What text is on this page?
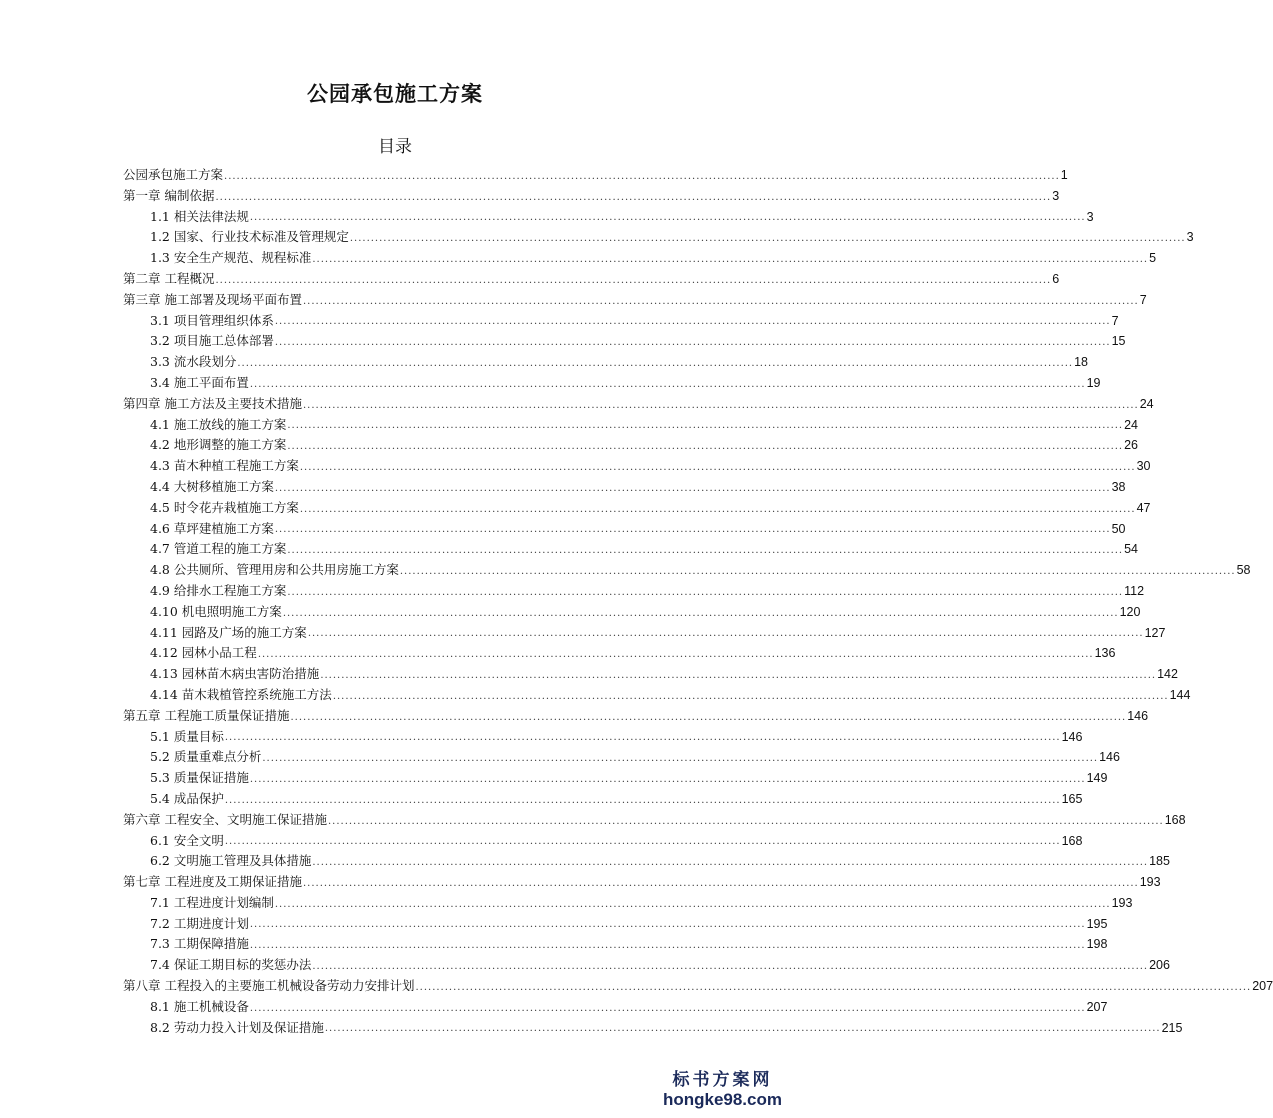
公园承包施工方案
目录
公园承包施工方案 ........................................................................................................................................................................................................ 1
第一章 编制依据 ........................................................................................................................................................................................................ 3
1.1 相关法律法规 ........................................................................................................................................................................................................ 3
1.2 国家、行业技术标准及管理规定 ........................................................................................................................................................................................................ 3
1.3 安全生产规范、规程标准 ........................................................................................................................................................................................................ 5
第二章 工程概况 ........................................................................................................................................................................................................ 6
第三章 施工部署及现场平面布置 ........................................................................................................................................................................................................ 7
3.1 项目管理组织体系 ........................................................................................................................................................................................................ 7
3.2 项目施工总体部署 ........................................................................................................................................................................................................ 15
3.3 流水段划分 ........................................................................................................................................................................................................ 18
3.4 施工平面布置 ........................................................................................................................................................................................................ 19
第四章 施工方法及主要技术措施 ........................................................................................................................................................................................................ 24
4.1 施工放线的施工方案 ........................................................................................................................................................................................................ 24
4.2 地形调整的施工方案 ........................................................................................................................................................................................................ 26
4.3 苗木种植工程施工方案 ........................................................................................................................................................................................................ 30
4.4 大树移植施工方案 ........................................................................................................................................................................................................ 38
4.5 时令花卉栽植施工方案 ........................................................................................................................................................................................................ 47
4.6 草坪建植施工方案 ........................................................................................................................................................................................................ 50
4.7 管道工程的施工方案 ........................................................................................................................................................................................................ 54
4.8 公共厕所、管理用房和公共用房施工方案 ........................................................................................................................................................................................................ 58
4.9 给排水工程施工方案 ........................................................................................................................................................................................................ 112
4.10 机电照明施工方案 ........................................................................................................................................................................................................ 120
4.11 园路及广场的施工方案 ........................................................................................................................................................................................................ 127
4.12 园林小品工程 ........................................................................................................................................................................................................ 136
4.13 园林苗木病虫害防治措施 ........................................................................................................................................................................................................ 142
4.14 苗木栽植管控系统施工方法 ........................................................................................................................................................................................................ 144
第五章 工程施工质量保证措施 ........................................................................................................................................................................................................ 146
5.1 质量目标 ........................................................................................................................................................................................................ 146
5.2 质量重难点分析 ........................................................................................................................................................................................................ 146
5.3 质量保证措施 ........................................................................................................................................................................................................ 149
5.4 成品保护 ........................................................................................................................................................................................................ 165
第六章 工程安全、文明施工保证措施 ........................................................................................................................................................................................................ 168
6.1 安全文明 ........................................................................................................................................................................................................ 168
6.2 文明施工管理及具体措施 ........................................................................................................................................................................................................ 185
第七章 工程进度及工期保证措施 ........................................................................................................................................................................................................ 193
7.1 工程进度计划编制 ........................................................................................................................................................................................................ 193
7.2 工期进度计划 ........................................................................................................................................................................................................ 195
7.3 工期保障措施 ........................................................................................................................................................................................................ 198
7.4 保证工期目标的奖惩办法 ........................................................................................................................................................................................................ 206
第八章 工程投入的主要施工机械设备劳动力安排计划 ........................................................................................................................................................................................................ 207
8.1 施工机械设备 ........................................................................................................................................................................................................ 207
8.2 劳动力投入计划及保证措施 ........................................................................................................................................................................................................ 215
标书方案网
hongke98.com
